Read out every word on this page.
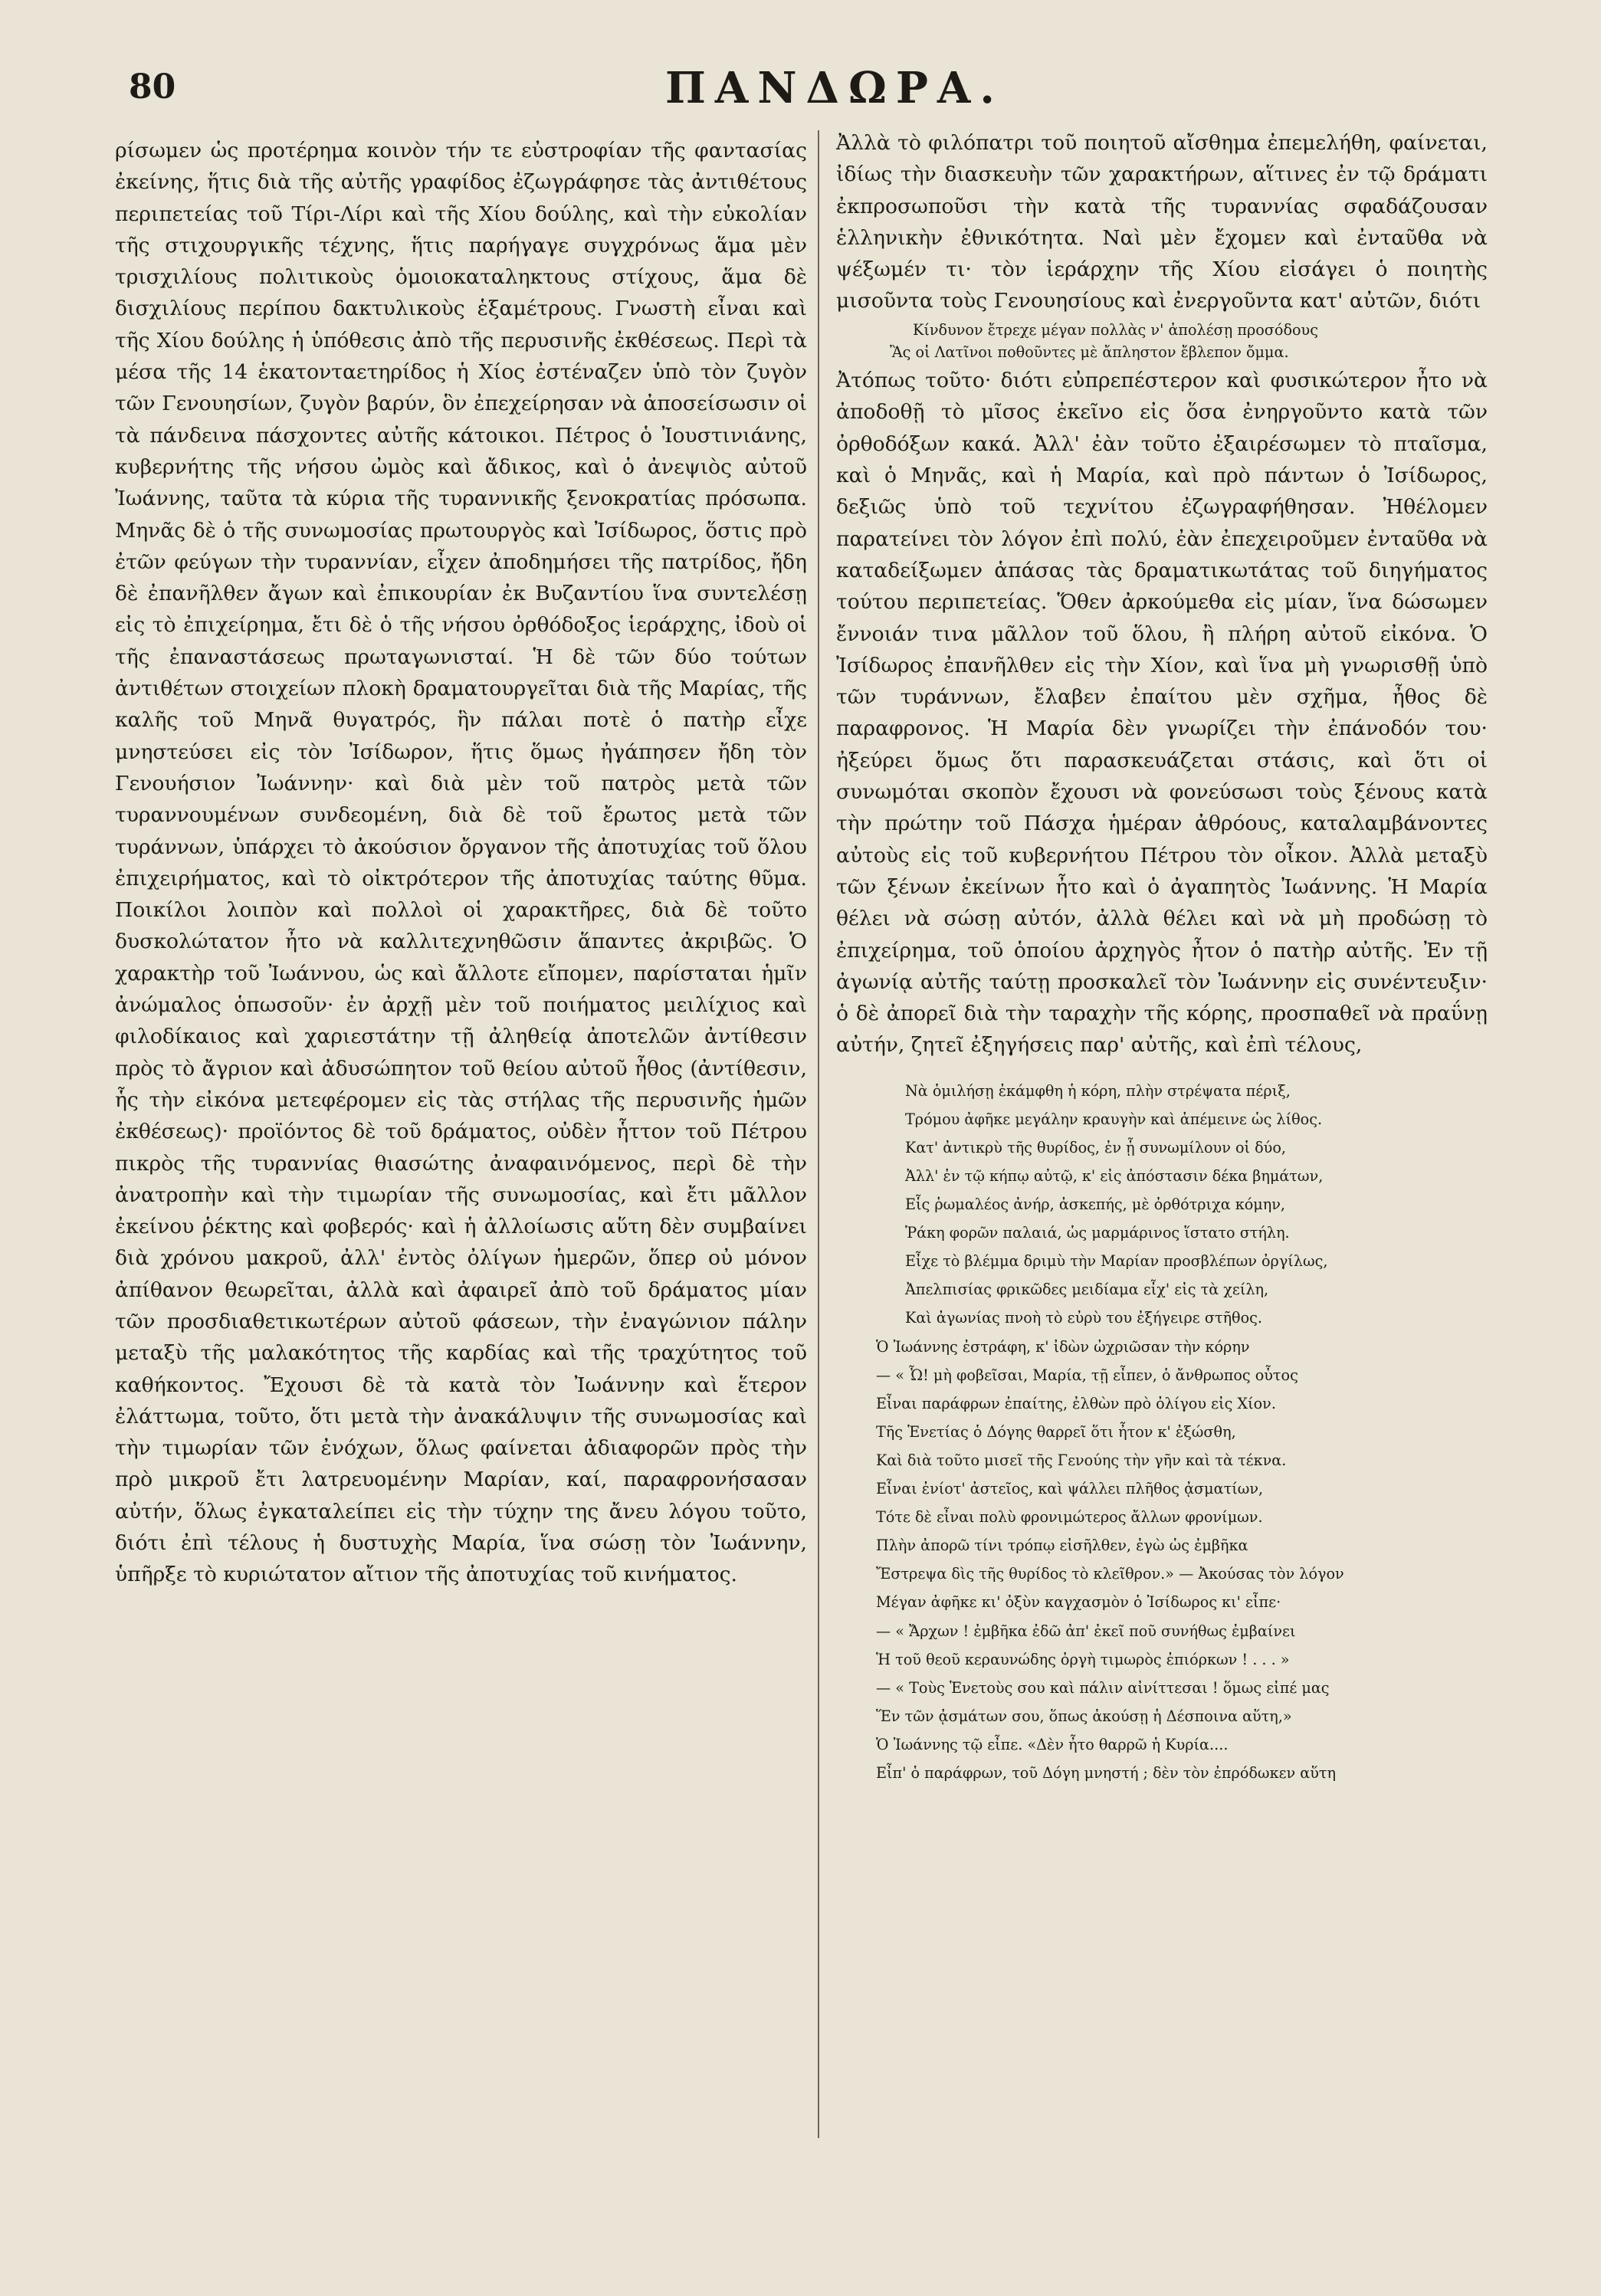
80	ΠΑΝΔΩΡΑ.

ρίσωμεν ὡς προτέρημα κοινὸν τήν τε εὐστροφίαν τῆς φαντασίας ἐκείνης, ἥτις διὰ τῆς αὐτῆς γραφίδος ἐζωγράφησε τὰς ἀντιθέτους περιπετείας τοῦ Τίρι-Λίρι καὶ τῆς Χίου δούλης, καὶ τὴν εὐκολίαν τῆς στιχουργικῆς τέχνης, ἥτις παρήγαγε συγχρόνως ἅμα μὲν τρισχιλίους πολιτικοὺς ὁμοιοκαταληκτους στίχους, ἅμα δὲ δισχιλίους περίπου δακτυλικοὺς ἑξαμέτρους. Γνωστὴ εἶναι καὶ τῆς Χίου δούλης ἡ ὑπόθεσις ἀπὸ τῆς περυσινῆς ἐκθέσεως. Περὶ τὰ μέσα τῆς 14 ἑκατονταετηρίδος ἡ Χίος ἐστέναζεν ὑπὸ τὸν ζυγὸν τῶν Γενουησίων, ζυγὸν βαρύν, ὃν ἐπεχείρησαν νὰ ἀποσείσωσιν οἱ τὰ πάνδεινα πάσχοντες αὐτῆς κάτοικοι. Πέτρος ὁ Ἰουστινιάνης, κυβερνήτης τῆς νήσου ὠμὸς καὶ ἄδικος, καὶ ὁ ἀνεψιὸς αὐτοῦ Ἰωάννης, ταῦτα τὰ κύρια τῆς τυραννικῆς ξενοκρατίας πρόσωπα. Μηνᾶς δὲ ὁ τῆς συνωμοσίας πρωτουργὸς καὶ Ἰσίδωρος, ὅστις πρὸ ἐτῶν φεύγων τὴν τυραννίαν, εἶχεν ἀποδημήσει τῆς πατρίδος, ἤδη δὲ ἐπανῆλθεν ἄγων καὶ ἐπικουρίαν ἐκ Βυζαντίου ἵνα συντελέσῃ εἰς τὸ ἐπιχείρημα, ἔτι δὲ ὁ τῆς νήσου ὀρθόδοξος ἱεράρχης, ἰδοὺ οἱ τῆς ἐπαναστάσεως πρωταγωνισταί. Ἡ δὲ τῶν δύο τούτων ἀντιθέτων στοιχείων πλοκὴ δραματουργεῖται διὰ τῆς Μαρίας, τῆς καλῆς τοῦ Μηνᾶ θυγατρός, ἣν πάλαι ποτὲ ὁ πατὴρ εἶχε μνηστεύσει εἰς τὸν Ἰσίδωρον, ἥτις ὅμως ἠγάπησεν ἤδη τὸν Γενουήσιον Ἰωάννην· καὶ διὰ μὲν τοῦ πατρὸς μετὰ τῶν τυραννουμένων συνδεομένη, διὰ δὲ τοῦ ἔρωτος μετὰ τῶν τυράννων, ὑπάρχει τὸ ἀκούσιον ὄργανον τῆς ἀποτυχίας τοῦ ὅλου ἐπιχειρήματος, καὶ τὸ οἰκτρότερον τῆς ἀποτυχίας ταύτης θῦμα. Ποικίλοι λοιπὸν καὶ πολλοὶ οἱ χαρακτῆρες, διὰ δὲ τοῦτο δυσκολώτατον ἦτο νὰ καλλιτεχνηθῶσιν ἅπαντες ἀκριβῶς. Ὁ χαρακτὴρ τοῦ Ἰωάννου, ὡς καὶ ἄλλοτε εἴπομεν, παρίσταται ἡμῖν ἀνώμαλος ὁπωσοῦν· ἐν ἀρχῇ μὲν τοῦ ποιήματος μειλίχιος καὶ φιλοδίκαιος καὶ χαριεστάτην τῇ ἀληθείᾳ ἀποτελῶν ἀντίθεσιν πρὸς τὸ ἄγριον καὶ ἀδυσώπητον τοῦ θείου αὐτοῦ ἦθος (ἀντίθεσιν, ἧς τὴν εἰκόνα μετεφέρομεν εἰς τὰς στήλας τῆς περυσινῆς ἡμῶν ἐκθέσεως)· προϊόντος δὲ τοῦ δράματος, οὐδὲν ἧττον τοῦ Πέτρου πικρὸς τῆς τυραννίας θιασώτης ἀναφαινόμενος, περὶ δὲ τὴν ἀνατροπὴν καὶ τὴν τιμωρίαν τῆς συνωμοσίας, καὶ ἔτι μᾶλλον ἐκείνου ῥέκτης καὶ φοβερός· καὶ ἡ ἀλλοίωσις αὕτη δὲν συμβαίνει διὰ χρόνου μακροῦ, ἀλλ' ἐντὸς ὀλίγων ἡμερῶν, ὅπερ οὐ μόνον ἀπίθανον θεωρεῖται, ἀλλὰ καὶ ἀφαιρεῖ ἀπὸ τοῦ δράματος μίαν τῶν προσδιαθετικωτέρων αὐτοῦ φάσεων, τὴν ἐναγώνιον πάλην μεταξὺ τῆς μαλακότητος τῆς καρδίας καὶ τῆς τραχύτητος τοῦ καθήκοντος. Ἔχουσι δὲ τὰ κατὰ τὸν Ἰωάννην καὶ ἕτερον ἐλάττωμα, τοῦτο, ὅτι μετὰ τὴν ἀνακάλυψιν τῆς συνωμοσίας καὶ τὴν τιμωρίαν τῶν ἐνόχων, ὅλως φαίνεται ἀδιαφορῶν πρὸς τὴν πρὸ μικροῦ ἔτι λατρευομένην Μαρίαν, καί, παραφρονήσασαν αὐτήν, ὅλως ἐγκαταλείπει εἰς τὴν τύχην της ἄνευ λόγου τοῦτο, διότι ἐπὶ τέλους ἡ δυστυχὴς Μαρία, ἵνα σώσῃ τὸν Ἰωάννην, ὑπῆρξε τὸ κυριώτατον αἴτιον τῆς ἀποτυχίας τοῦ κινήματος.

Ἀλλὰ τὸ φιλόπατρι τοῦ ποιητοῦ αἴσθημα ἐπεμελήθη, φαίνεται, ἰδίως τὴν διασκευὴν τῶν χαρακτήρων, αἵτινες ἐν τῷ δράματι ἐκπροσωποῦσι τὴν κατὰ τῆς τυραννίας σφαδάζουσαν ἑλληνικὴν ἐθνικότητα. Ναὶ μὲν ἔχομεν καὶ ἐνταῦθα νὰ ψέξωμέν τι· τὸν ἱεράρχην τῆς Χίου εἰσάγει ὁ ποιητὴς μισοῦντα τοὺς Γενουησίους καὶ ἐνεργοῦντα κατ' αὐτῶν, διότι

Κίνδυνον ἔτρεχε μέγαν πολλὰς ν' ἀπολέσῃ προσόδους
Ἂς οἱ Λατῖνοι ποθοῦντες μὲ ἄπληστον ἔβλεπον ὄμμα.

Ἀτόπως τοῦτο· διότι εὐπρεπέστερον καὶ φυσικώτερον ἦτο νὰ ἀποδοθῇ τὸ μῖσος ἐκεῖνο εἰς ὅσα ἐνηργοῦντο κατὰ τῶν ὀρθοδόξων κακά. Ἀλλ' ἐὰν τοῦτο ἐξαιρέσωμεν τὸ πταῖσμα, καὶ ὁ Μηνᾶς, καὶ ἡ Μαρία, καὶ πρὸ πάντων ὁ Ἰσίδωρος, δεξιῶς ὑπὸ τοῦ τεχνίτου ἐζωγραφήθησαν. Ἠθέλομεν παρατείνει τὸν λόγον ἐπὶ πολύ, ἐὰν ἐπεχειροῦμεν ἐνταῦθα νὰ καταδείξωμεν ἁπάσας τὰς δραματικωτάτας τοῦ διηγήματος τούτου περιπετείας. Ὅθεν ἀρκούμεθα εἰς μίαν, ἵνα δώσωμεν ἔννοιάν τινα μᾶλλον τοῦ ὅλου, ἢ πλήρη αὐτοῦ εἰκόνα. Ὁ Ἰσίδωρος ἐπανῆλθεν εἰς τὴν Χίον, καὶ ἵνα μὴ γνωρισθῇ ὑπὸ τῶν τυράννων, ἔλαβεν ἐπαίτου μὲν σχῆμα, ἦθος δὲ παραφρονος. Ἡ Μαρία δὲν γνωρίζει τὴν ἐπάνοδόν του· ἠξεύρει ὅμως ὅτι παρασκευάζεται στάσις, καὶ ὅτι οἱ συνωμόται σκοπὸν ἔχουσι νὰ φονεύσωσι τοὺς ξένους κατὰ τὴν πρώτην τοῦ Πάσχα ἡμέραν ἀθρόους, καταλαμβάνοντες αὐτοὺς εἰς τοῦ κυβερνήτου Πέτρου τὸν οἶκον. Ἀλλὰ μεταξὺ τῶν ξένων ἐκείνων ἦτο καὶ ὁ ἀγαπητὸς Ἰωάννης. Ἡ Μαρία θέλει νὰ σώσῃ αὐτόν, ἀλλὰ θέλει καὶ νὰ μὴ προδώσῃ τὸ ἐπιχείρημα, τοῦ ὁποίου ἀρχηγὸς ἦτον ὁ πατὴρ αὐτῆς. Ἐν τῇ ἀγωνίᾳ αὐτῆς ταύτῃ προσκαλεῖ τὸν Ἰωάννην εἰς συνέντευξιν· ὁ δὲ ἀπορεῖ διὰ τὴν ταραχὴν τῆς κόρης, προσπαθεῖ νὰ πραΰνῃ αὐτήν, ζητεῖ ἐξηγήσεις παρ' αὐτῆς, καὶ ἐπὶ τέλους,

Νὰ ὁμιλήσῃ ἐκάμφθη ἡ κόρη, πλὴν στρέψατα πέριξ,
Τρόμου ἀφῆκε μεγάλην κραυγὴν καὶ ἀπέμεινε ὡς λίθος.
Κατ' ἀντικρὺ τῆς θυρίδος, ἐν ᾗ συνωμίλουν οἱ δύο,
Ἀλλ' ἐν τῷ κήπῳ αὐτῷ, κ' εἰς ἀπόστασιν δέκα βημάτων,
Εἷς ῥωμαλέος ἀνήρ, ἀσκεπής, μὲ ὀρθότριχα κόμην,
Ῥάκη φορῶν παλαιά, ὡς μαρμάρινος ἵστατο στήλη.
Εἶχε τὸ βλέμμα δριμὺ τὴν Μαρίαν προσβλέπων ὀργίλως,
Ἀπελπισίας φρικῶδες μειδίαμα εἶχ' εἰς τὰ χείλη,
Καὶ ἀγωνίας πνοὴ τὸ εὐρὺ του ἐξήγειρε στῆθος.
Ὁ Ἰωάννης ἐστράφη, κ' ἰδὼν ὠχριῶσαν τὴν κόρην
— « Ὦ! μὴ φοβεῖσαι, Μαρία, τῇ εἶπεν, ὁ ἄνθρωπος οὗτος
Εἶναι παράφρων ἐπαίτης, ἐλθὼν πρὸ ὀλίγου εἰς Χίον.
Τῆς Ἑνετίας ὁ Δόγης θαρρεῖ ὅτι ἦτον κ' ἐξώσθη,
Καὶ διὰ τοῦτο μισεῖ τῆς Γενούης τὴν γῆν καὶ τὰ τέκνα.
Εἶναι ἐνίοτ' ἀστεῖος, καὶ ψάλλει πλῆθος ᾀσματίων,
Τότε δὲ εἶναι πολὺ φρονιμώτερος ἄλλων φρονίμων.
Πλὴν ἀπορῶ τίνι τρόπῳ εἰσῆλθεν, ἐγὼ ὡς ἐμβῆκα
Ἔστρεψα δὶς τῆς θυρίδος τὸ κλεῖθρον.» — Ἀκούσας τὸν λόγον
Μέγαν ἀφῆκε κι' ὀξὺν καγχασμὸν ὁ Ἰσίδωρος κι' εἶπε·
— « Ἄρχων ! ἐμβῆκα ἐδῶ ἀπ' ἐκεῖ ποῦ συνήθως ἐμβαίνει
Ἡ τοῦ θεοῦ κεραυνώδης ὀργὴ τιμωρὸς ἐπιόρκων ! . . . »
— « Τοὺς Ἑνετοὺς σου καὶ πάλιν αἰνίττεσαι ! ὅμως εἰπέ μας
Ἕν τῶν ᾀσμάτων σου, ὅπως ἀκούσῃ ἡ Δέσποινα αὕτη,»
Ὁ Ἰωάννης τῷ εἶπε. «Δὲν ἦτο θαρρῶ ἡ Κυρία....
Εἶπ' ὁ παράφρων, τοῦ Δόγη μνηστή ; δὲν τὸν ἐπρόδωκεν αὕτη
